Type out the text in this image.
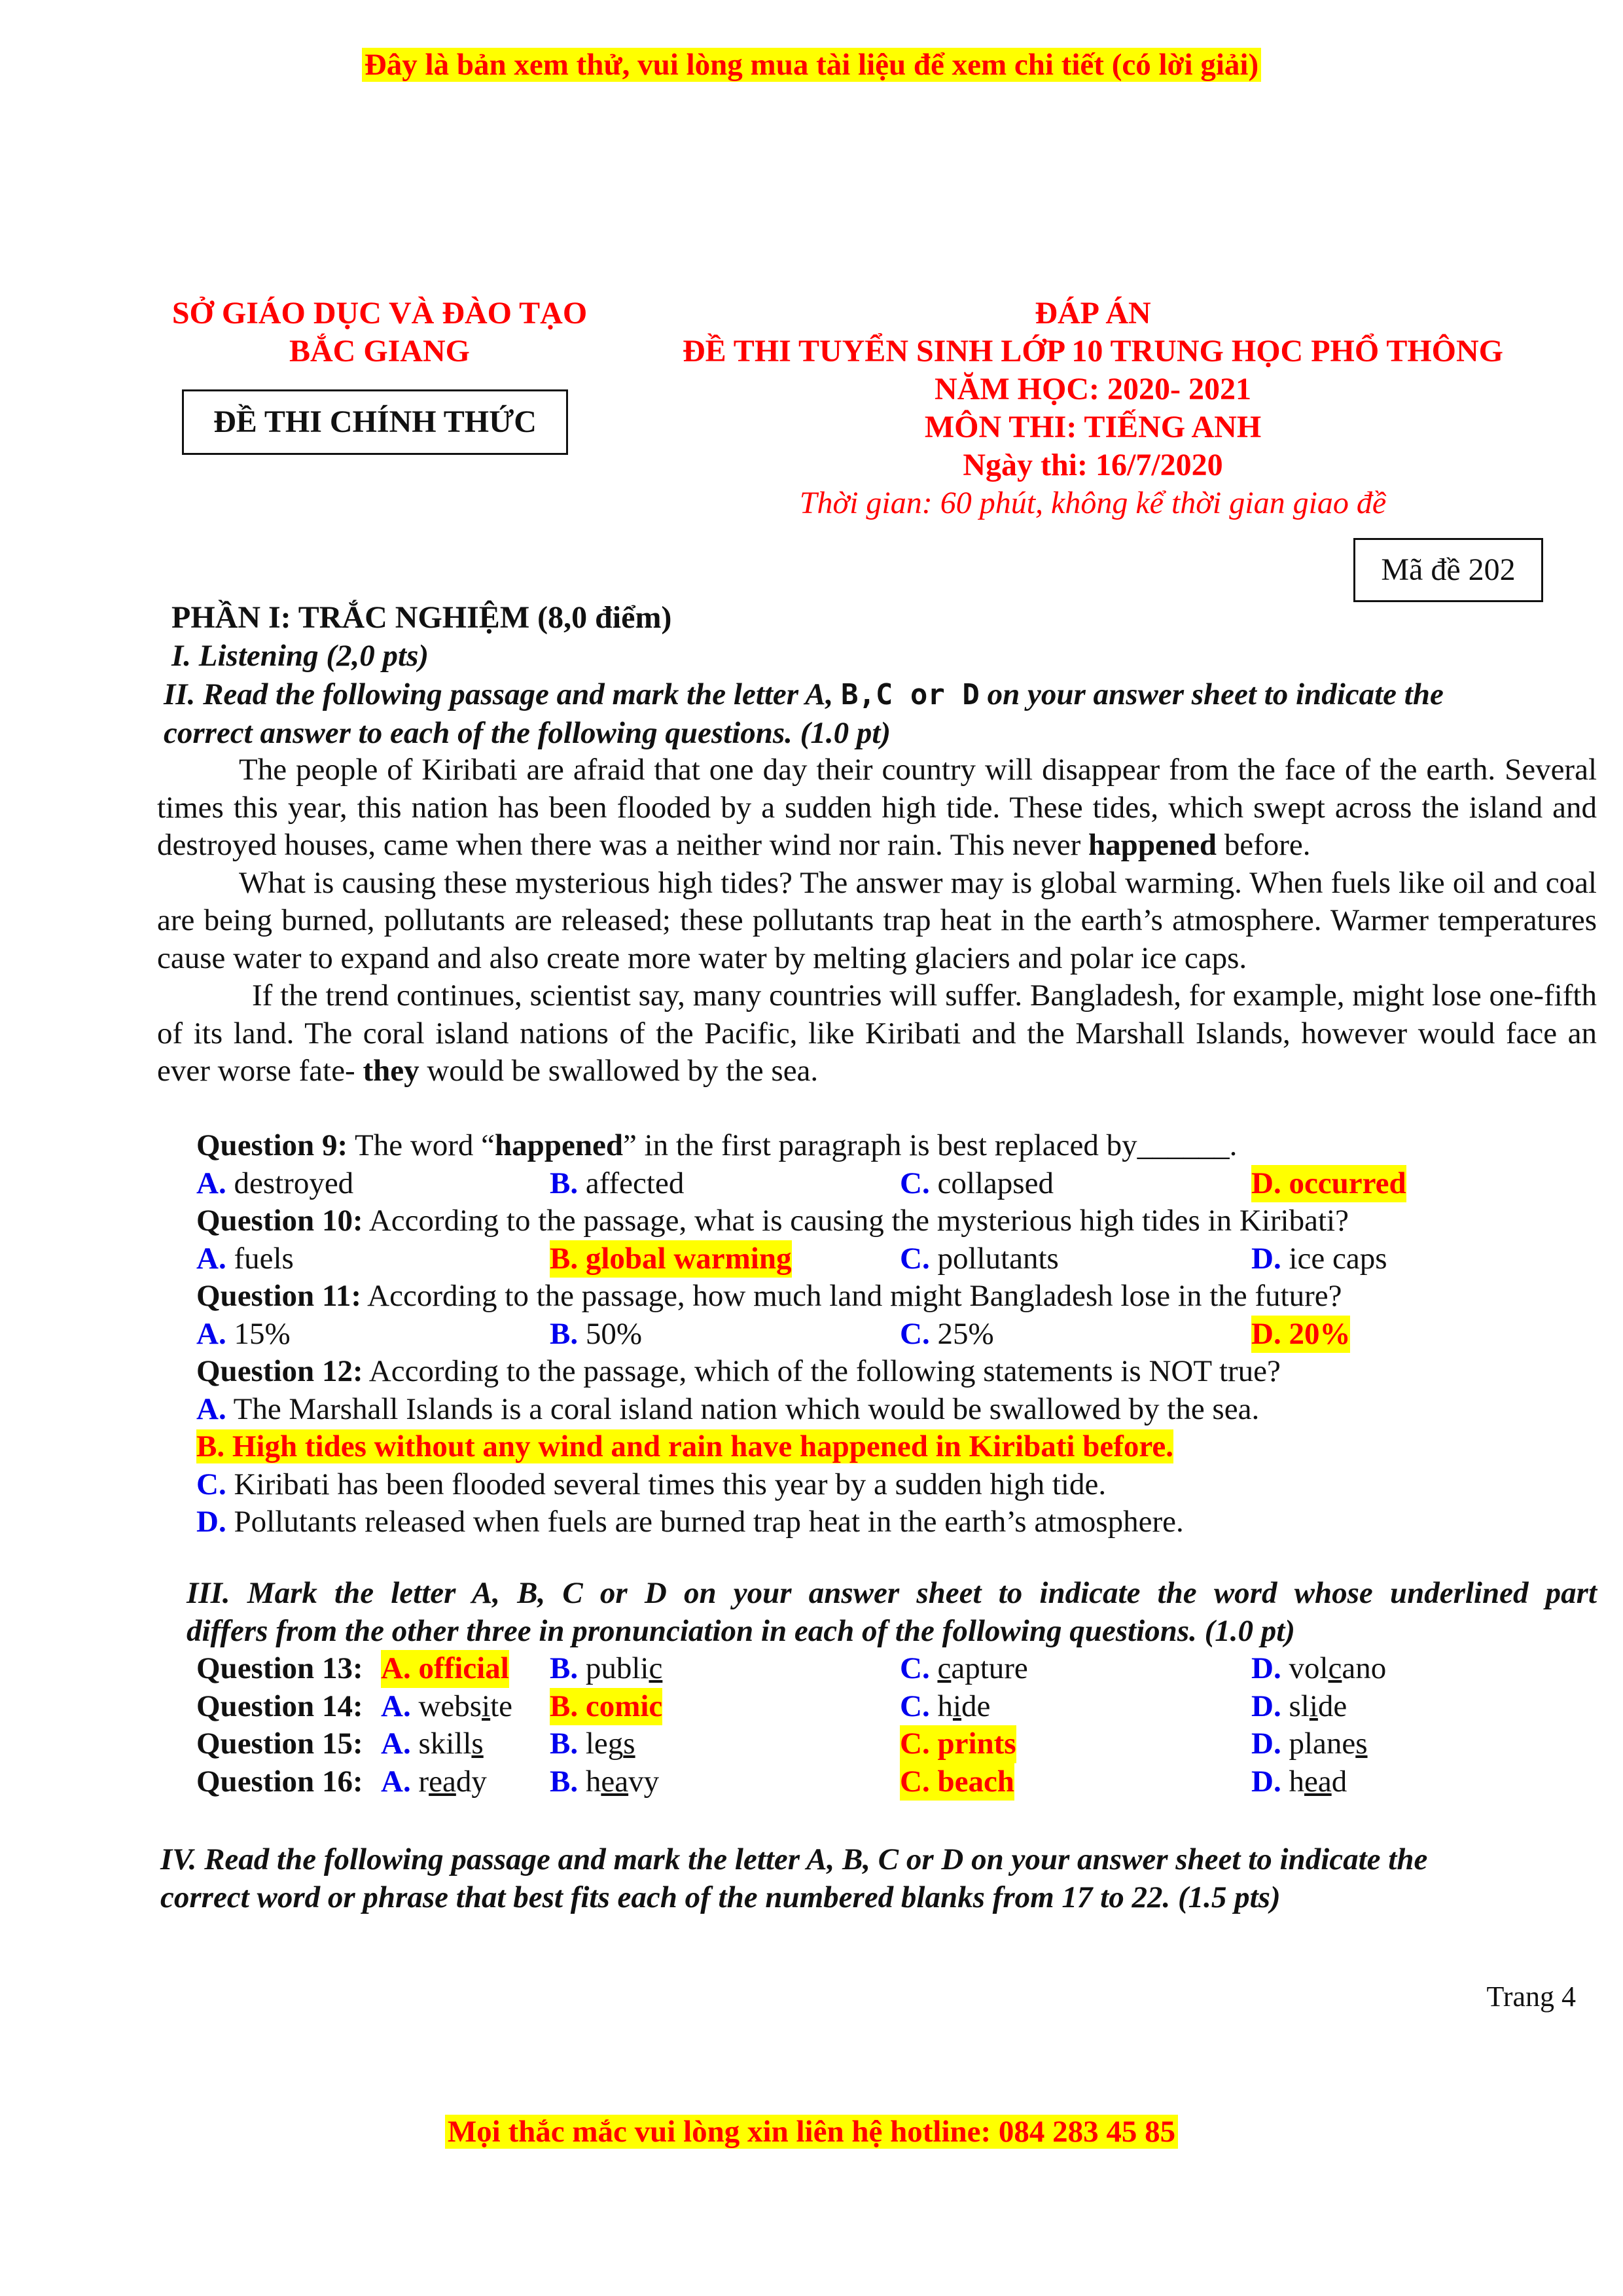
Đây là bản xem thử, vui lòng mua tài liệu để xem chi tiết (có lời giải)
SỞ GIÁO DỤC VÀ ĐÀO TẠO
BẮC GIANG
ĐỀ THI CHÍNH THỨC
ĐÁP ÁN
ĐỀ THI TUYỂN SINH LỚP 10 TRUNG HỌC PHỔ THÔNG
NĂM HỌC: 2020- 2021
MÔN THI: TIẾNG ANH
Ngày thi: 16/7/2020
Thời gian: 60 phút, không kể thời gian giao đề
Mã đề 202
PHẦN I: TRẮC NGHIỆM (8,0 điểm)
I. Listening (2,0 pts)
II. Read the following passage and mark the letter A, B,C or D on your answer sheet to indicate the
correct answer to each of the following questions. (1.0 pt)
The people of Kiribati are afraid that one day their country will disappear from the face of the earth. Several times this year, this nation has been flooded by a sudden high tide. These tides, which swept across the island and destroyed houses, came when there was a neither wind nor rain. This never happened before.
What is causing these mysterious high tides? The answer may is global warming. When fuels like oil and coal are being burned, pollutants are released; these pollutants trap heat in the earth’s atmosphere. Warmer temperatures cause water to expand and also create more water by melting glaciers and polar ice caps.
If the trend continues, scientist say, many countries will suffer. Bangladesh, for example, might lose one-fifth of its land. The coral island nations of the Pacific, like Kiribati and the Marshall Islands, however would face an ever worse fate- they would be swallowed by the sea.
Question 9: The word “happened” in the first paragraph is best replaced by______.
A. destroyed	B. affected	C. collapsed	D. occurred
Question 10: According to the passage, what is causing the mysterious high tides in Kiribati?
A. fuels	B. global warming	C. pollutants	D. ice caps
Question 11: According to the passage, how much land might Bangladesh lose in the future?
A. 15%	B. 50%	C. 25%	D. 20%
Question 12: According to the passage, which of the following statements is NOT true?
A. The Marshall Islands is a coral island nation which would be swallowed by the sea.
B. High tides without any wind and rain have happened in Kiribati before.
C. Kiribati has been flooded several times this year by a sudden high tide.
D. Pollutants released when fuels are burned trap heat in the earth’s atmosphere.
III. Mark the letter A, B, C or D on your answer sheet to indicate the word whose underlined part
differs from the other three in pronunciation in each of the following questions. (1.0 pt)
Question 13: A. official B. public	C. capture	D. volcano
Question 14: A. website B. comic	C. hide	D. slide
Question 15: A. skills B. legs	C. prints	D. planes
Question 16: A. ready B. heavy	C. beach	D. head
IV. Read the following passage and mark the letter A, B, C or D on your answer sheet to indicate the
correct word or phrase that best fits each of the numbered blanks from 17 to 22. (1.5 pts)
Trang 4
Mọi thắc mắc vui lòng xin liên hệ hotline: 084 283 45 85
